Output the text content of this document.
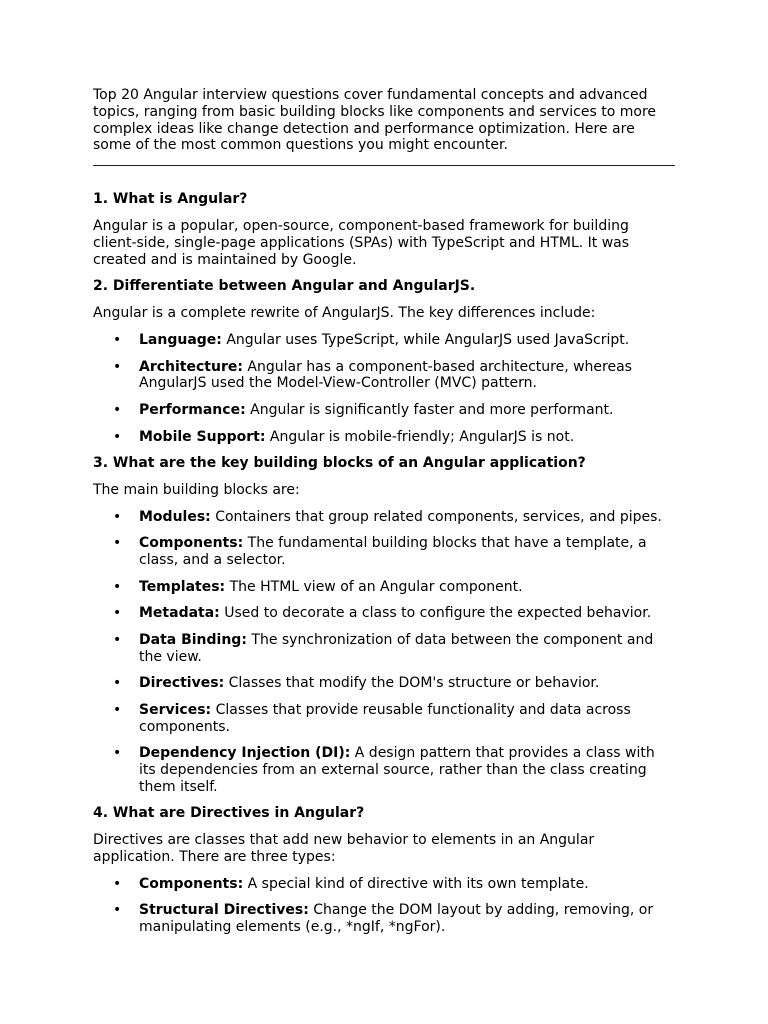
Top 20 Angular interview questions cover fundamental concepts and advanced topics, ranging from basic building blocks like components and services to more complex ideas like change detection and performance optimization. Here are some of the most common questions you might encounter.

1. What is Angular?

Angular is a popular, open-source, component-based framework for building client-side, single-page applications (SPAs) with TypeScript and HTML. It was created and is maintained by Google.

2. Differentiate between Angular and AngularJS.

Angular is a complete rewrite of AngularJS. The key differences include:

• Language: Angular uses TypeScript, while AngularJS used JavaScript.
• Architecture: Angular has a component-based architecture, whereas AngularJS used the Model-View-Controller (MVC) pattern.
• Performance: Angular is significantly faster and more performant.
• Mobile Support: Angular is mobile-friendly; AngularJS is not.

3. What are the key building blocks of an Angular application?

The main building blocks are:

• Modules: Containers that group related components, services, and pipes.
• Components: The fundamental building blocks that have a template, a class, and a selector.
• Templates: The HTML view of an Angular component.
• Metadata: Used to decorate a class to configure the expected behavior.
• Data Binding: The synchronization of data between the component and the view.
• Directives: Classes that modify the DOM's structure or behavior.
• Services: Classes that provide reusable functionality and data across components.
• Dependency Injection (DI): A design pattern that provides a class with its dependencies from an external source, rather than the class creating them itself.

4. What are Directives in Angular?

Directives are classes that add new behavior to elements in an Angular application. There are three types:

• Components: A special kind of directive with its own template.
• Structural Directives: Change the DOM layout by adding, removing, or manipulating elements (e.g., *ngIf, *ngFor).
